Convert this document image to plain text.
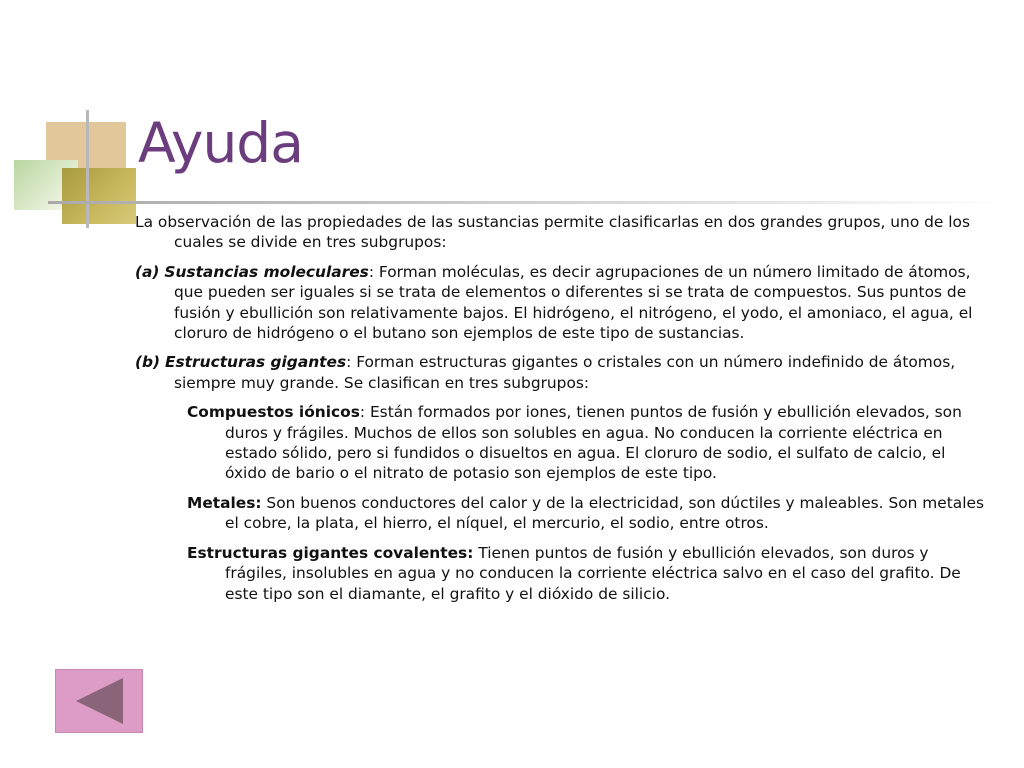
Ayuda

La observación de las propiedades de las sustancias permite clasificarlas en dos grandes grupos, uno de los cuales se divide en tres subgrupos:

(a) Sustancias moleculares: Forman moléculas, es decir agrupaciones de un número limitado de átomos, que pueden ser iguales si se trata de elementos o diferentes si se trata de compuestos. Sus puntos de fusión y ebullición son relativamente bajos. El hidrógeno, el nitrógeno, el yodo, el amoniaco, el agua, el cloruro de hidrógeno o el butano son ejemplos de este tipo de sustancias.

(b) Estructuras gigantes: Forman estructuras gigantes o cristales con un número indefinido de átomos, siempre muy grande. Se clasifican en tres subgrupos:

Compuestos iónicos: Están formados por iones, tienen puntos de fusión y ebullición elevados, son duros y frágiles. Muchos de ellos son solubles en agua. No conducen la corriente eléctrica en estado sólido, pero si fundidos o disueltos en agua. El cloruro de sodio, el sulfato de calcio, el óxido de bario o el nitrato de potasio son ejemplos de este tipo.

Metales: Son buenos conductores del calor y de la electricidad, son dúctiles y maleables. Son metales el cobre, la plata, el hierro, el níquel, el mercurio, el sodio, entre otros.

Estructuras gigantes covalentes: Tienen puntos de fusión y ebullición elevados, son duros y frágiles, insolubles en agua y no conducen la corriente eléctrica salvo en el caso del grafito. De este tipo son el diamante, el grafito y el dióxido de silicio.
